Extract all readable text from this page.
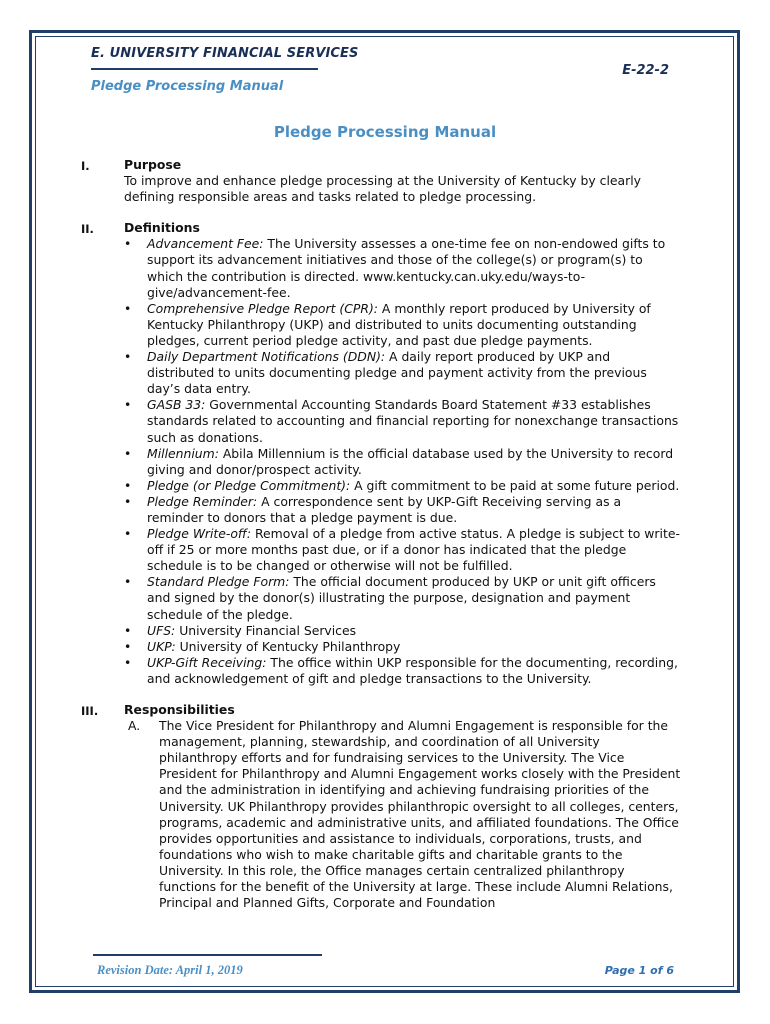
E. UNIVERSITY FINANCIAL SERVICES
E-22-2
Pledge Processing Manual
Pledge Processing Manual
I.	Purpose
To improve and enhance pledge processing at the University of Kentucky by clearly defining responsible areas and tasks related to pledge processing.
II. Definitions
• Advancement Fee: The University assesses a one-time fee on non-endowed gifts to support its advancement initiatives and those of the college(s) or program(s) to which the contribution is directed. www.kentucky.can.uky.edu/ways-to-give/advancement-fee.
• Comprehensive Pledge Report (CPR): A monthly report produced by University of Kentucky Philanthropy (UKP) and distributed to units documenting outstanding pledges, current period pledge activity, and past due pledge payments.
• Daily Department Notifications (DDN): A daily report produced by UKP and distributed to units documenting pledge and payment activity from the previous day’s data entry.
• GASB 33: Governmental Accounting Standards Board Statement #33 establishes standards related to accounting and financial reporting for nonexchange transactions such as donations.
• Millennium: Abila Millennium is the official database used by the University to record giving and donor/prospect activity.
• Pledge (or Pledge Commitment): A gift commitment to be paid at some future period.
• Pledge Reminder: A correspondence sent by UKP-Gift Receiving serving as a reminder to donors that a pledge payment is due.
• Pledge Write-off: Removal of a pledge from active status. A pledge is subject to write-off if 25 or more months past due, or if a donor has indicated that the pledge schedule is to be changed or otherwise will not be fulfilled.
• Standard Pledge Form: The official document produced by UKP or unit gift officers and signed by the donor(s) illustrating the purpose, designation and payment schedule of the pledge.
• UFS: University Financial Services
• UKP: University of Kentucky Philanthropy
• UKP-Gift Receiving: The office within UKP responsible for the documenting, recording, and acknowledgement of gift and pledge transactions to the University.
III. Responsibilities
A. The Vice President for Philanthropy and Alumni Engagement is responsible for the management, planning, stewardship, and coordination of all University philanthropy efforts and for fundraising services to the University. The Vice President for Philanthropy and Alumni Engagement works closely with the President and the administration in identifying and achieving fundraising priorities of the University. UK Philanthropy provides philanthropic oversight to all colleges, centers, programs, academic and administrative units, and affiliated foundations. The Office provides opportunities and assistance to individuals, corporations, trusts, and foundations who wish to make charitable gifts and charitable grants to the University. In this role, the Office manages certain centralized philanthropy functions for the benefit of the University at large. These include Alumni Relations, Principal and Planned Gifts, Corporate and Foundation
Revision Date: April 1, 2019	Page 1 of 6
